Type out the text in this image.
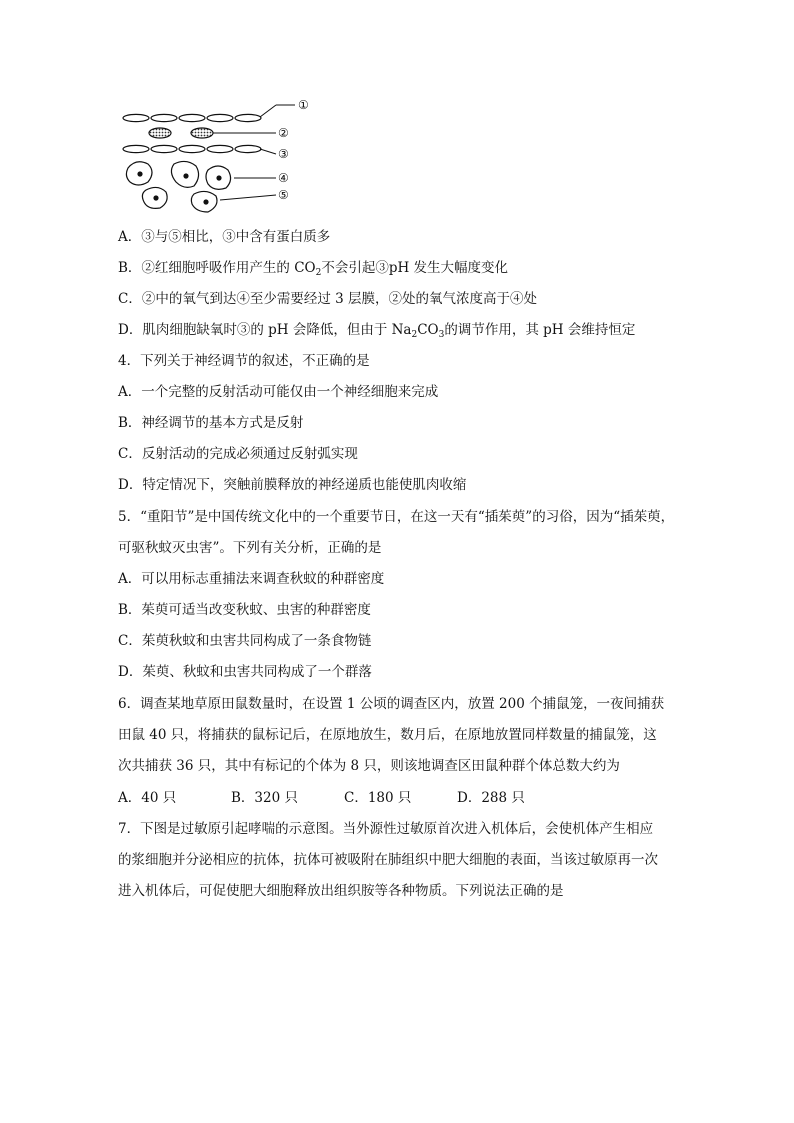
①
②
③
④
⑤
A．③与⑤相比，③中含有蛋白质多
B．②红细胞呼吸作用产生的 $CO_2$不会引起③pH 发生大幅度变化
C．②中的氧气到达④至少需要经过 3 层膜，②处的氧气浓度高于④处
D．肌肉细胞缺氧时③的 pH 会降低，但由于 $Na_2CO_3$的调节作用，其 pH 会维持恒定
4．下列关于神经调节的叙述，不正确的是
A．一个完整的反射活动可能仅由一个神经细胞来完成
B．神经调节的基本方式是反射
C．反射活动的完成必须通过反射弧实现
D．特定情况下，突触前膜释放的神经递质也能使肌肉收缩
5．“重阳节”是中国传统文化中的一个重要节日，在这一天有“插茱萸”的习俗，因为“插茱萸，
可驱秋蚊灭虫害”。下列有关分析，正确的是
A．可以用标志重捕法来调查秋蚊的种群密度
B．茱萸可适当改变秋蚊、虫害的种群密度
C．茱萸秋蚊和虫害共同构成了一条食物链
D．茱萸、秋蚊和虫害共同构成了一个群落
6．调查某地草原田鼠数量时，在设置 1 公顷的调查区内，放置 200 个捕鼠笼，一夜间捕获
田鼠 40 只，将捕获的鼠标记后，在原地放生，数月后，在原地放置同样数量的捕鼠笼，这
次共捕获 36 只，其中有标记的个体为 8 只，则该地调查区田鼠种群个体总数大约为
A．40 只	B．320 只	C．180 只	D．288 只
7．下图是过敏原引起哮喘的示意图。当外源性过敏原首次进入机体后，会使机体产生相应
的浆细胞并分泌相应的抗体，抗体可被吸附在肺组织中肥大细胞的表面，当该过敏原再一次
进入机体后，可促使肥大细胞释放出组织胺等各种物质。下列说法正确的是
